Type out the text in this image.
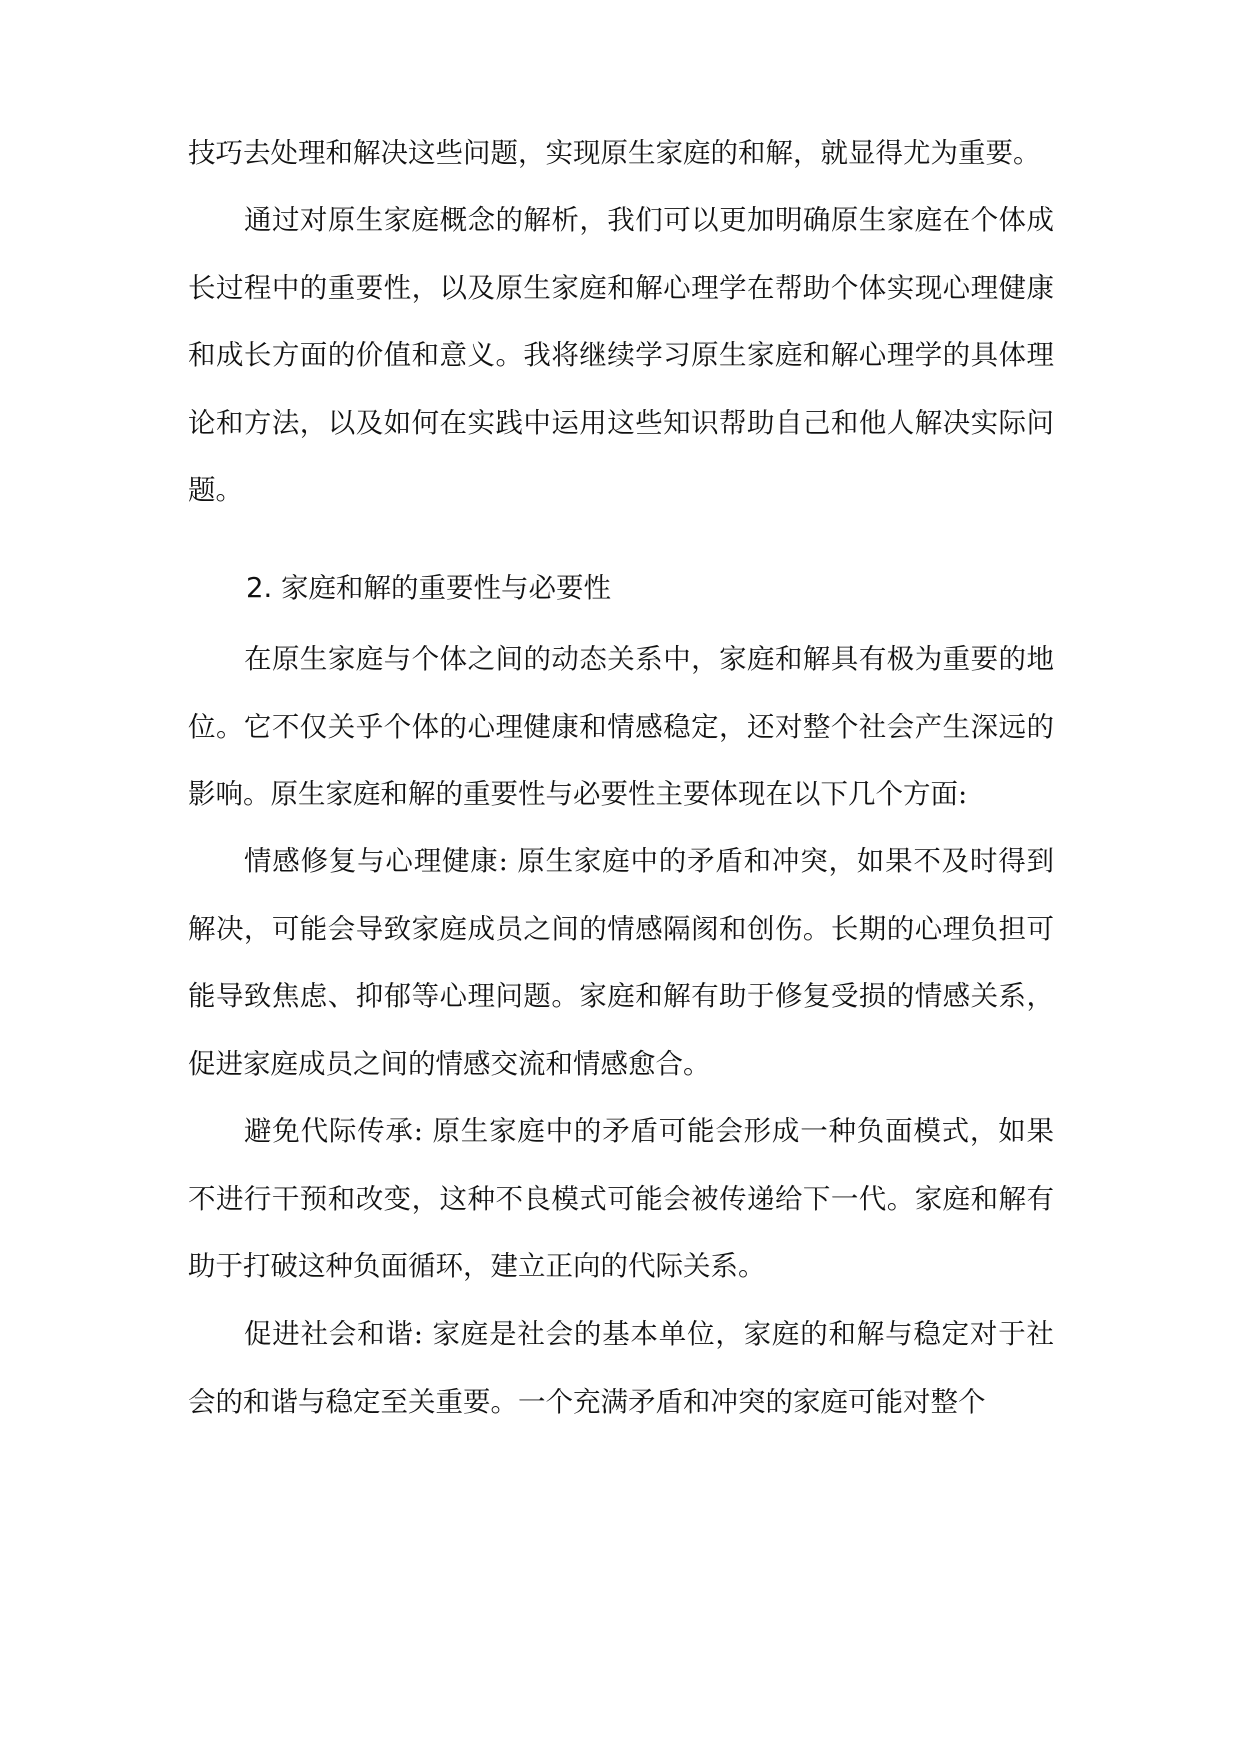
技巧去处理和解决这些问题，实现原生家庭的和解，就显得尤为重要。

通过对原生家庭概念的解析，我们可以更加明确原生家庭在个体成长过程中的重要性，以及原生家庭和解心理学在帮助个体实现心理健康和成长方面的价值和意义。我将继续学习原生家庭和解心理学的具体理论和方法，以及如何在实践中运用这些知识帮助自己和他人解决实际问题。

2. 家庭和解的重要性与必要性

在原生家庭与个体之间的动态关系中，家庭和解具有极为重要的地位。它不仅关乎个体的心理健康和情感稳定，还对整个社会产生深远的影响。原生家庭和解的重要性与必要性主要体现在以下几个方面:

情感修复与心理健康: 原生家庭中的矛盾和冲突，如果不及时得到解决，可能会导致家庭成员之间的情感隔阂和创伤。长期的心理负担可能导致焦虑、抑郁等心理问题。家庭和解有助于修复受损的情感关系，促进家庭成员之间的情感交流和情感愈合。

避免代际传承: 原生家庭中的矛盾可能会形成一种负面模式，如果不进行干预和改变，这种不良模式可能会被传递给下一代。家庭和解有助于打破这种负面循环，建立正向的代际关系。

促进社会和谐: 家庭是社会的基本单位，家庭的和解与稳定对于社会的和谐与稳定至关重要。一个充满矛盾和冲突的家庭可能对整个
